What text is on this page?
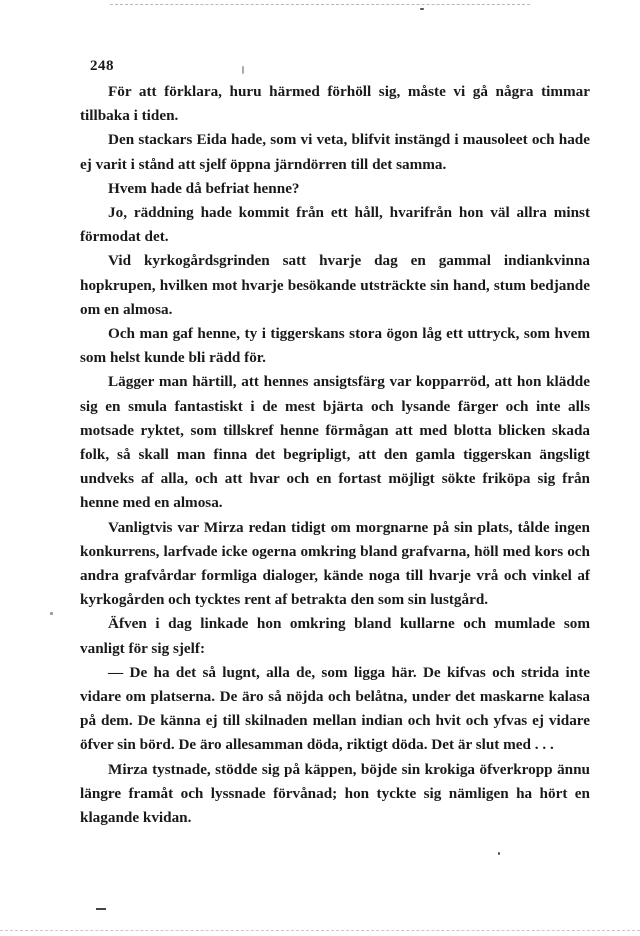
248

För att förklara, huru härmed förhöll sig, måste vi gå några timmar tillbaka i tiden.

Den stackars Eida hade, som vi veta, blifvit instängd i mausoleet och hade ej varit i stånd att sjelf öppna järndörren till det samma.

Hvem hade då befriat henne?

Jo, räddning hade kommit från ett håll, hvarifrån hon väl allra minst förmodat det.

Vid kyrkogårdsgrinden satt hvarje dag en gammal indiankvinna hopkrupen, hvilken mot hvarje besökande utsträckte sin hand, stum bedjande om en almosa.

Och man gaf henne, ty i tiggerskans stora ögon låg ett uttryck, som hvem som helst kunde bli rädd för.

Lägger man härtill, att hennes ansigtsfärg var kopparröd, att hon klädde sig en smula fantastiskt i de mest bjärta och lysande färger och inte alls motsade ryktet, som tillskref henne förmågan att med blotta blicken skada folk, så skall man finna det begripligt, att den gamla tiggerskan ängsligt undveks af alla, och att hvar och en fortast möjligt sökte friköpa sig från henne med en almosa.

Vanligtvis var Mirza redan tidigt om morgnarne på sin plats, tålde ingen konkurrens, larfvade icke ogerna omkring bland grafvarna, höll med kors och andra grafvårdar formliga dialoger, kände noga till hvarje vrå och vinkel af kyrkogården och tycktes rent af betrakta den som sin lustgård.

Äfven i dag linkade hon omkring bland kullarne och mumlade som vanligt för sig sjelf:

— De ha det så lugnt, alla de, som ligga här. De kifvas och strida inte vidare om platserna. De äro så nöjda och belåtna, under det maskarne kalasa på dem. De känna ej till skilnaden mellan indian och hvit och yfvas ej vidare öfver sin börd. De äro allesamman döda, riktigt döda. Det är slut med . . .

Mirza tystnade, stödde sig på käppen, böjde sin krokiga öfverkropp ännu längre framåt och lyssnade förvånad; hon tyckte sig nämligen ha hört en klagande kvidan.
